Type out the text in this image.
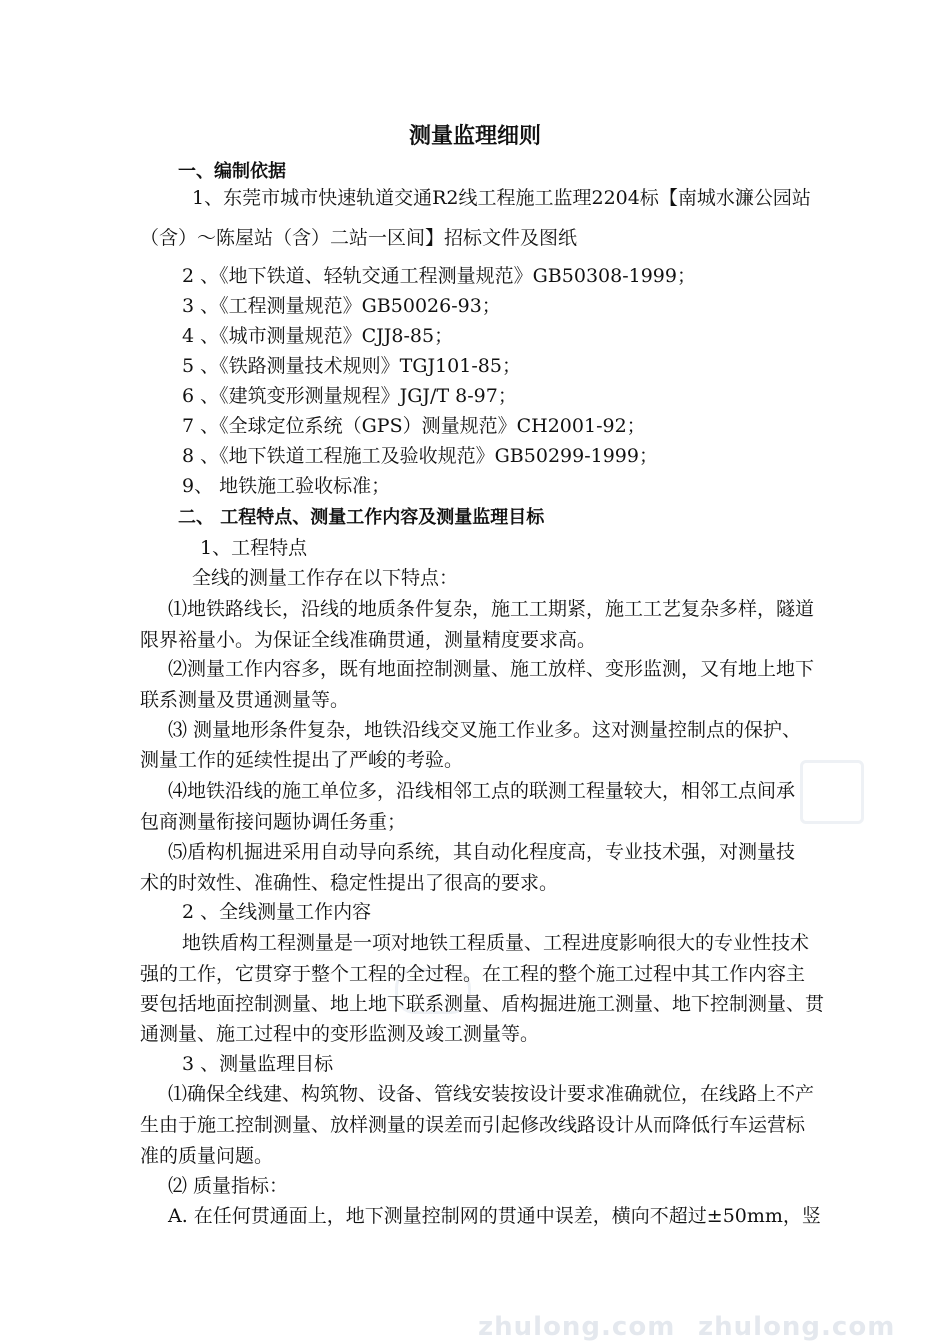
zhulong.com zhulong.com
测量监理细则
一、编制依据
1、东莞市城市快速轨道交通R2线工程施工监理2204标【南城水濂公园站
（含）～陈屋站（含）二站一区间】招标文件及图纸
2 、《地下铁道、轻轨交通工程测量规范》GB50308-1999；
3 、《工程测量规范》GB50026-93；
4 、《城市测量规范》CJJ8-85；
5 、《铁路测量技术规则》TGJ101-85；
6 、《建筑变形测量规程》JGJ/T 8-97；
7 、《全球定位系统（GPS）测量规范》CH2001-92；
8 、《地下铁道工程施工及验收规范》GB50299-1999；
9、 地铁施工验收标准；
二、 工程特点、测量工作内容及测量监理目标
1、工程特点
全线的测量工作存在以下特点：
⑴地铁路线长，沿线的地质条件复杂，施工工期紧，施工工艺复杂多样，隧道
限界裕量小。为保证全线准确贯通，测量精度要求高。
⑵测量工作内容多，既有地面控制测量、施工放样、变形监测，又有地上地下
联系测量及贯通测量等。
⑶ 测量地形条件复杂，地铁沿线交叉施工作业多。这对测量控制点的保护、
测量工作的延续性提出了严峻的考验。
⑷地铁沿线的施工单位多，沿线相邻工点的联测工程量较大，相邻工点间承
包商测量衔接问题协调任务重；
⑸盾构机掘进采用自动导向系统，其自动化程度高，专业技术强，对测量技
术的时效性、准确性、稳定性提出了很高的要求。
2 、全线测量工作内容
地铁盾构工程测量是一项对地铁工程质量、工程进度影响很大的专业性技术
强的工作，它贯穿于整个工程的全过程。在工程的整个施工过程中其工作内容主
要包括地面控制测量、地上地下联系测量、盾构掘进施工测量、地下控制测量、贯
通测量、施工过程中的变形监测及竣工测量等。
3 、测量监理目标
⑴确保全线建、构筑物、设备、管线安装按设计要求准确就位，在线路上不产
生由于施工控制测量、放样测量的误差而引起修改线路设计从而降低行车运营标
准的质量问题。
⑵ 质量指标：
A. 在任何贯通面上，地下测量控制网的贯通中误差，横向不超过±50mm，竖
